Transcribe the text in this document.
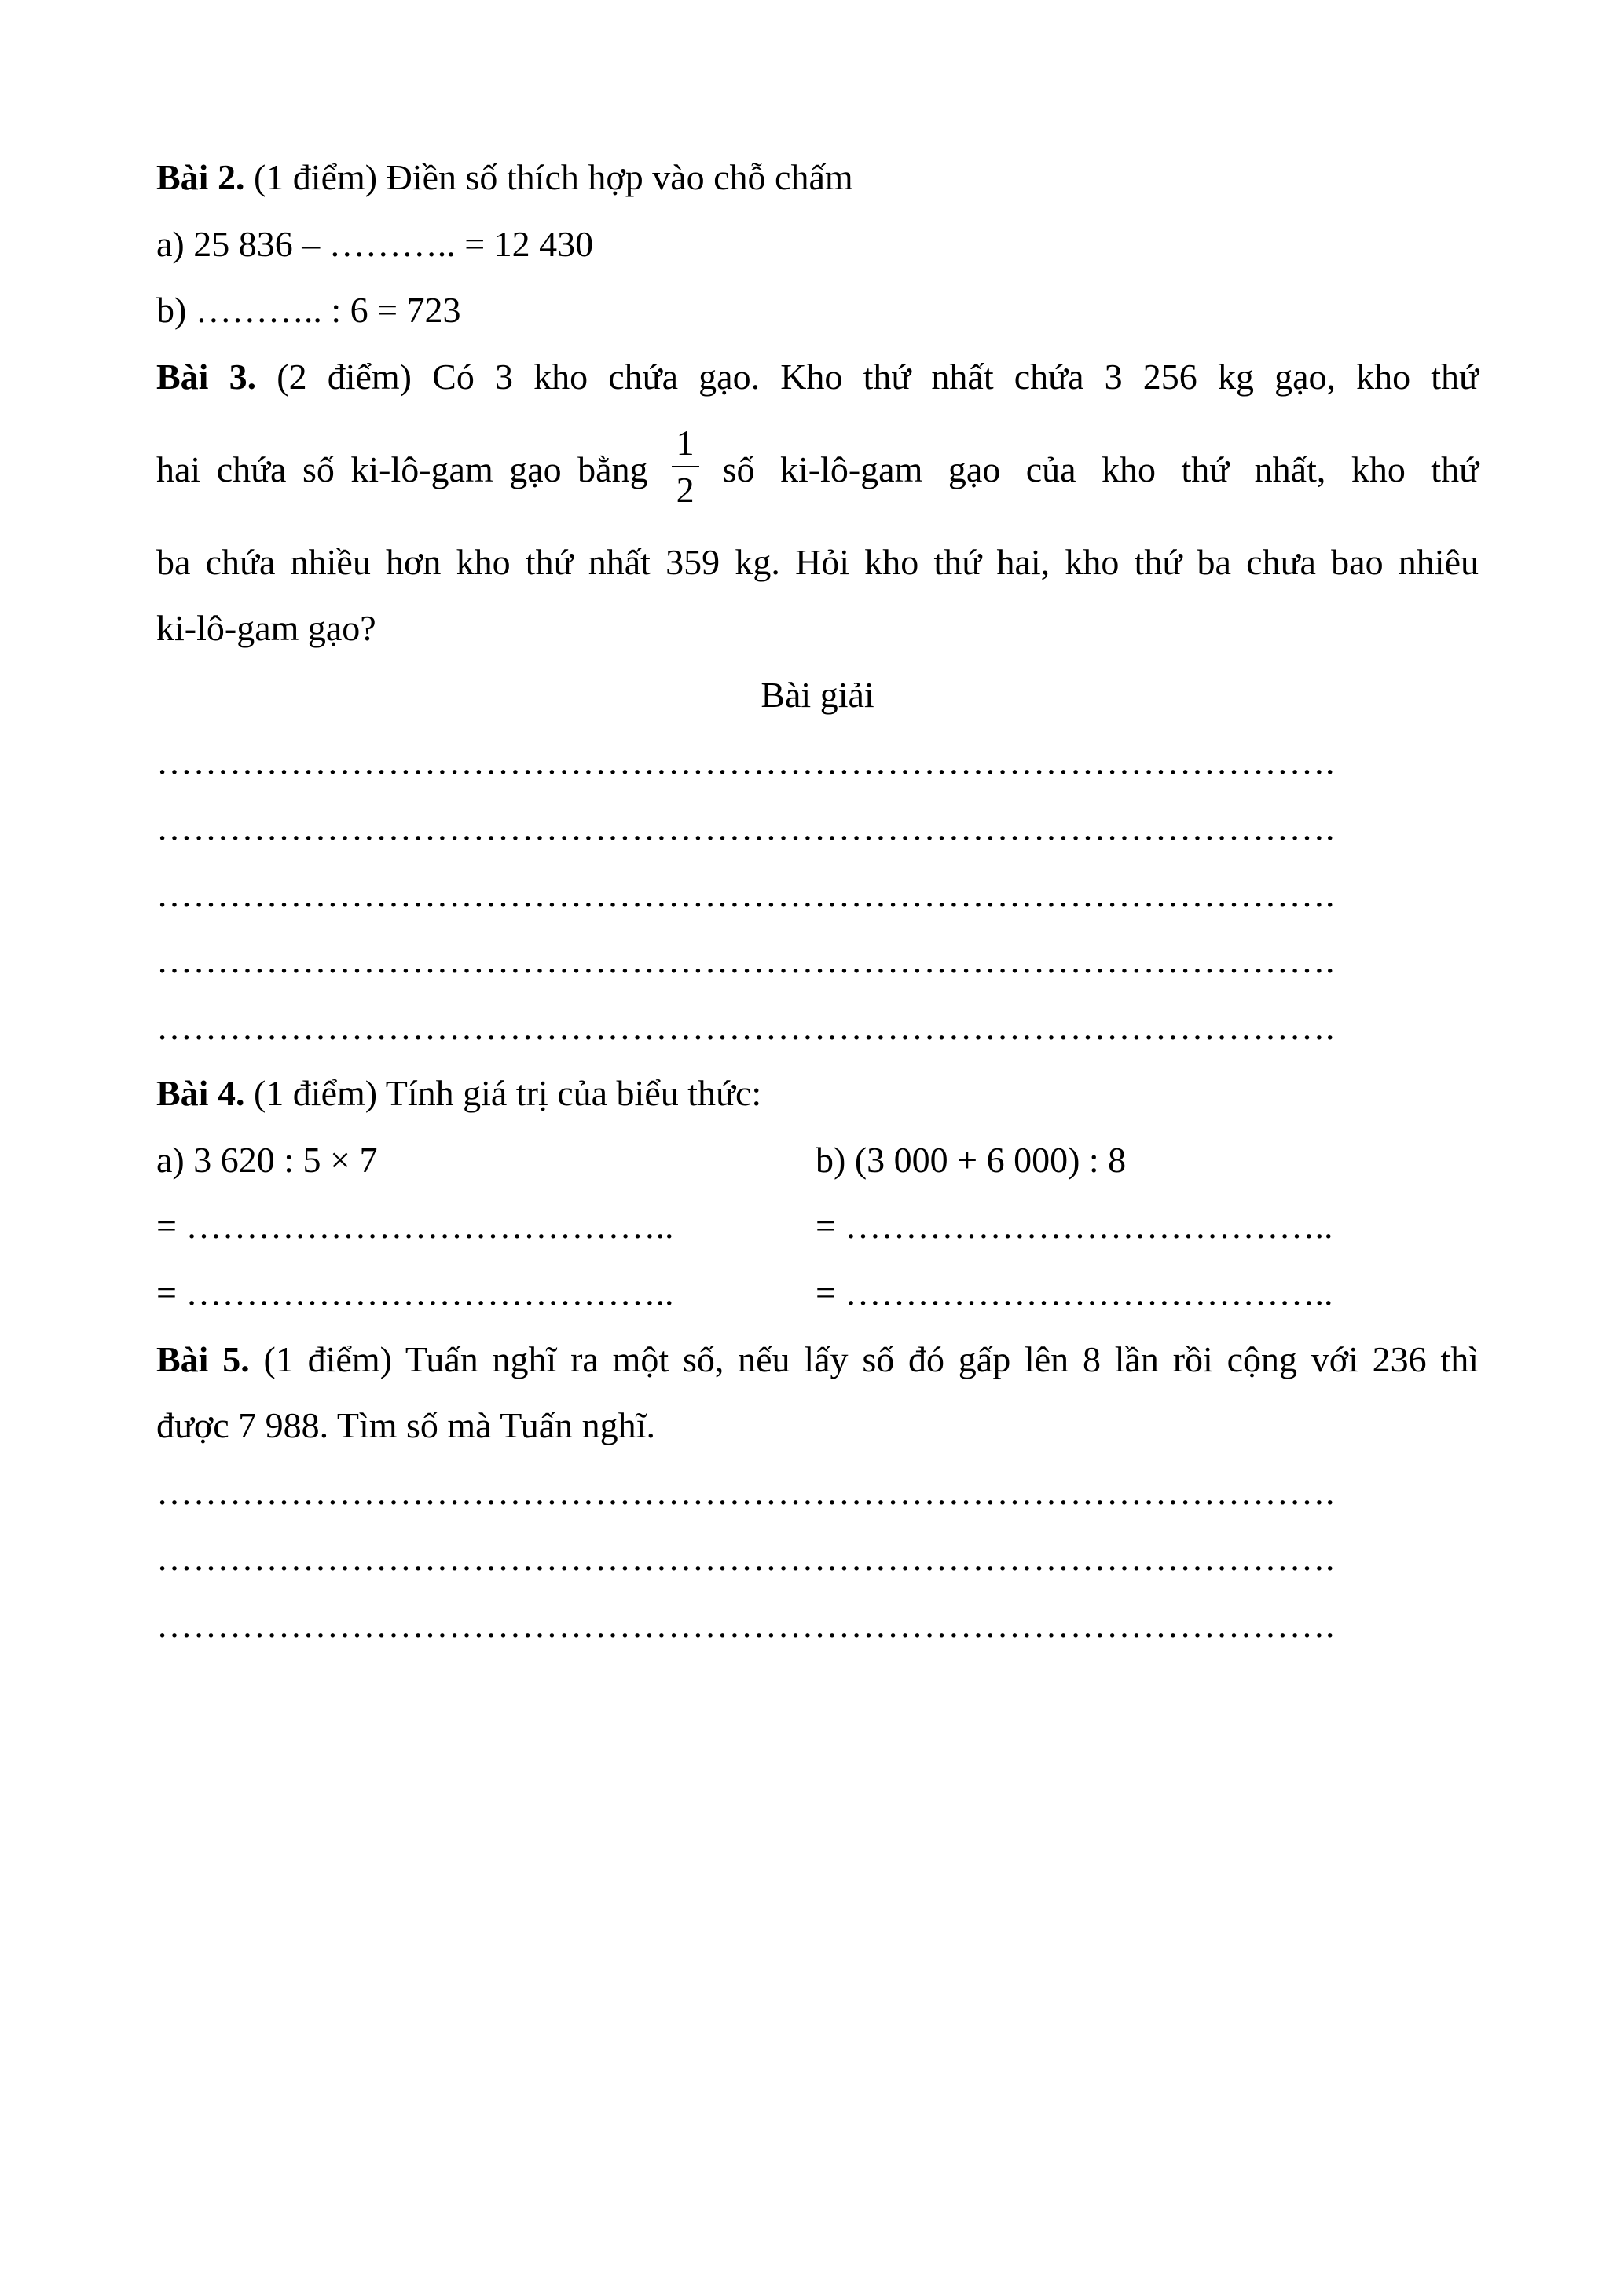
Bài 2. (1 điểm) Điền số thích hợp vào chỗ chấm
a) 25 836 – ……….. = 12 430
b) ……….. : 6 = 723
Bài 3. (2 điểm) Có 3 kho chứa gạo. Kho thứ nhất chứa 3 256 kg gạo, kho thứ
hai chứa số ki-lô-gam gạo bằng $\frac{1}{2}$ số ki-lô-gam gạo của kho thứ nhất, kho thứ
ba chứa nhiều hơn kho thứ nhất 359 kg. Hỏi kho thứ hai, kho thứ ba chưa bao nhiêu
ki-lô-gam gạo?
Bài giải
…………………………………………………………………………………….
…………………………………………………………………………………….
…………………………………………………………………………………….
…………………………………………………………………………………….
…………………………………………………………………………………….
Bài 4. (1 điểm) Tính giá trị của biểu thức:
a) 3 620 : 5 × 7	b) (3 000 + 6 000) : 8
= …………………………………..	= …………………………………..
= …………………………………..	= …………………………………..
Bài 5. (1 điểm) Tuấn nghĩ ra một số, nếu lấy số đó gấp lên 8 lần rồi cộng với 236 thì
được 7 988. Tìm số mà Tuấn nghĩ.
…………………………………………………………………………………….
…………………………………………………………………………………….
…………………………………………………………………………………….
